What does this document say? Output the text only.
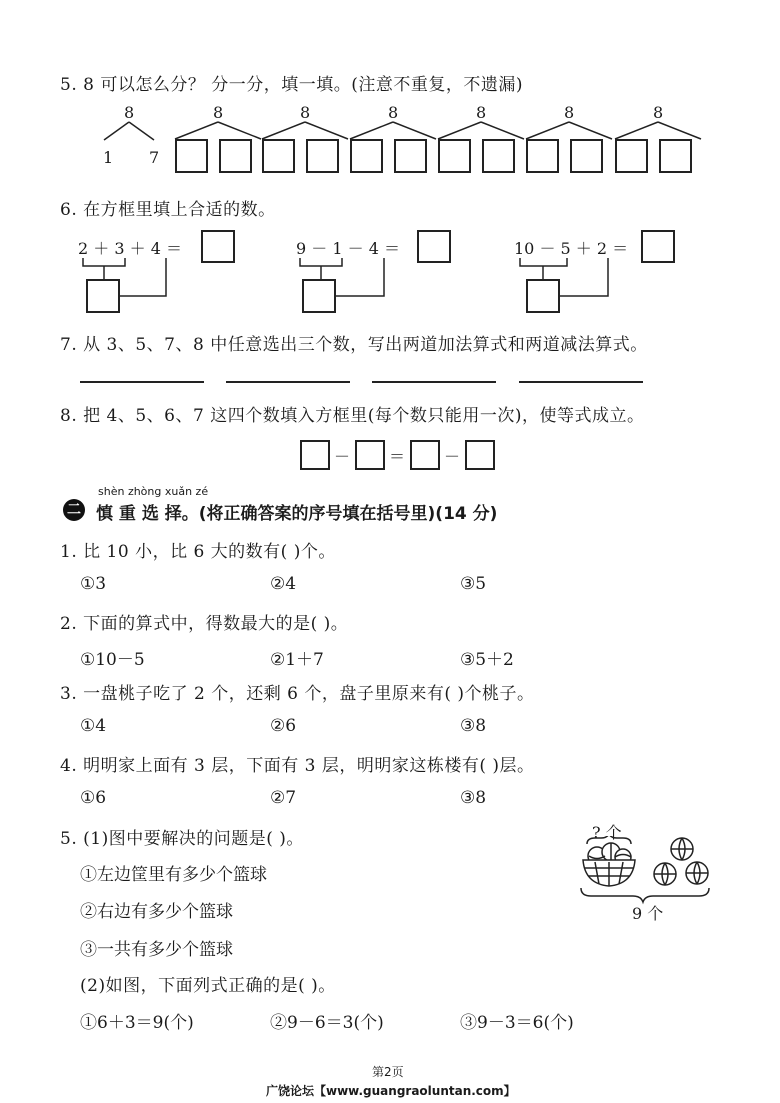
5. 8 可以怎么分？ 分一分，填一填。(注意不重复，不遗漏)
8
1 7
8	8	8	8	8	8
6. 在方框里填上合适的数。
2 ＋ 3 ＋ 4 ＝	9 － 1 － 4 ＝	10 － 5 ＋ 2 ＝
7. 从 3、5、7、8 中任意选出三个数，写出两道加法算式和两道减法算式。
8. 把 4、5、6、7 这四个数填入方框里(每个数只能用一次)，使等式成立。
－ ＝ －
shèn zhòng xuǎn zé
二 慎 重 选 择。(将正确答案的序号填在括号里)(14 分)
1. 比 10 小，比 6 大的数有( )个。
①3	②4	③5
2. 下面的算式中，得数最大的是( )。
①10－5	②1＋7	③5＋2
3. 一盘桃子吃了 2 个，还剩 6 个，盘子里原来有( )个桃子。
①4	②6	③8
4. 明明家上面有 3 层，下面有 3 层，明明家这栋楼有( )层。
①6	②7	③8
5. (1)图中要解决的问题是( )。
①左边筐里有多少个篮球
②右边有多少个篮球
③一共有多少个篮球
(2)如图，下面列式正确的是( )。
①6＋3＝9(个)	②9－6＝3(个)	③9－3＝6(个)
? 个
9 个
第2页
广饶论坛【www.guangraoluntan.com】
